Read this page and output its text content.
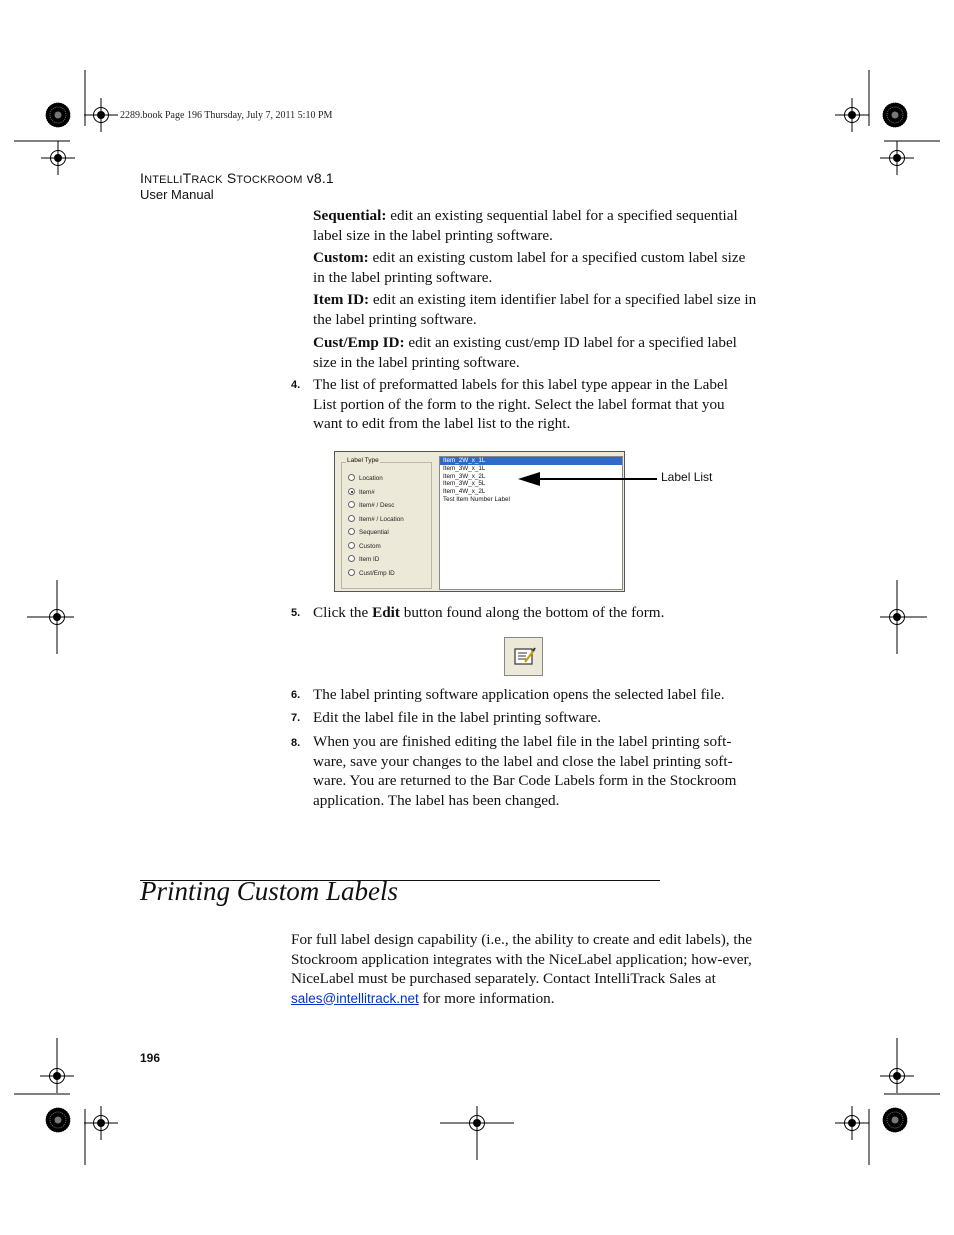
2289.book Page 196 Thursday, July 7, 2011 5:10 PM
INTELLITRACK STOCKROOM v8.1
User Manual
Sequential: edit an existing sequential label for a specified sequential label size in the label printing software.
Custom: edit an existing custom label for a specified custom label size in the label printing software.
Item ID: edit an existing item identifier label for a specified label size in the label printing software.
Cust/Emp ID: edit an existing cust/emp ID label for a specified label size in the label printing software.
4. The list of preformatted labels for this label type appear in the Label List portion of the form to the right. Select the label format that you want to edit from the label list to the right.
Label Type
Location
Item#
Item# / Desc
Item# / Location
Sequential
Custom
Item ID
Cust/Emp ID
Item_2W_x_1L
Item_3W_x_1L
Item_3W_x_2L
Item_3W_x_5L
Item_4W_x_2L
Test Item Number Label
Label List
5. Click the Edit button found along the bottom of the form.
6. The label printing software application opens the selected label file.
7. Edit the label file in the label printing software.
8. When you are finished editing the label file in the label printing soft-ware, save your changes to the label and close the label printing soft-ware. You are returned to the Bar Code Labels form in the Stockroom application. The label has been changed.
Printing Custom Labels
For full label design capability (i.e., the ability to create and edit labels), the Stockroom application integrates with the NiceLabel application; how-ever, NiceLabel must be purchased separately. Contact IntelliTrack Sales at sales@intellitrack.net for more information.
196
